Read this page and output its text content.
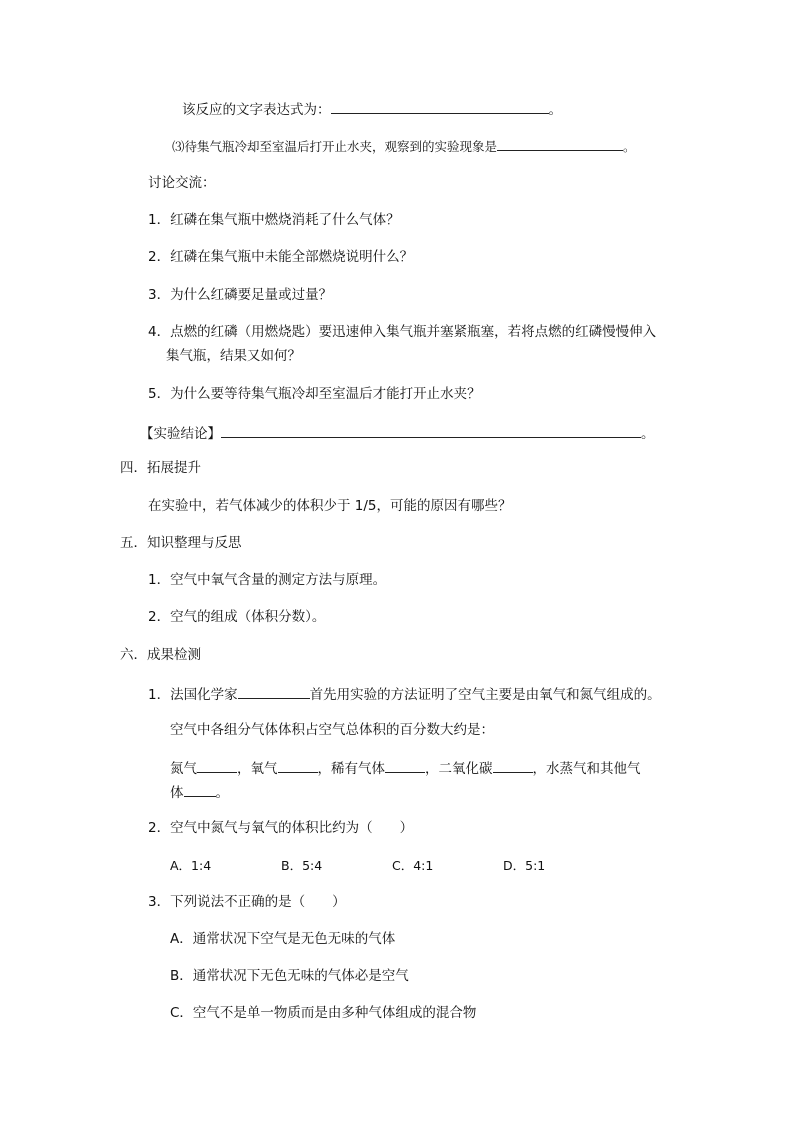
该反应的文字表达式为：	。
⑶待集气瓶冷却至室温后打开止水夹，观察到的实验现象是	。
讨论交流：
1．红磷在集气瓶中燃烧消耗了什么气体？
2．红磷在集气瓶中未能全部燃烧说明什么？
3．为什么红磷要足量或过量？
4．点燃的红磷（用燃烧匙）要迅速伸入集气瓶并塞紧瓶塞，若将点燃的红磷慢慢伸入
集气瓶，结果又如何？
5．为什么要等待集气瓶冷却至室温后才能打开止水夹？
【实验结论】	。
四．拓展提升
在实验中，若气体减少的体积少于 1/5，可能的原因有哪些？
五．知识整理与反思
1．空气中氧气含量的测定方法与原理。
2．空气的组成（体积分数）。
六．成果检测
1．法国化学家	首先用实验的方法证明了空气主要是由氧气和氮气组成的。
空气中各组分气体体积占空气总体积的百分数大约是：
氮气	，氧气	，稀有气体	，二氧化碳	，水蒸气和其他气
体 。
2．空气中氮气与氧气的体积比约为（　　）
A．1:4	B．5:4	C．4:1	D．5:1
3．下列说法不正确的是（　　）
A．通常状况下空气是无色无味的气体
B．通常状况下无色无味的气体必是空气
C．空气不是单一物质而是由多种气体组成的混合物
